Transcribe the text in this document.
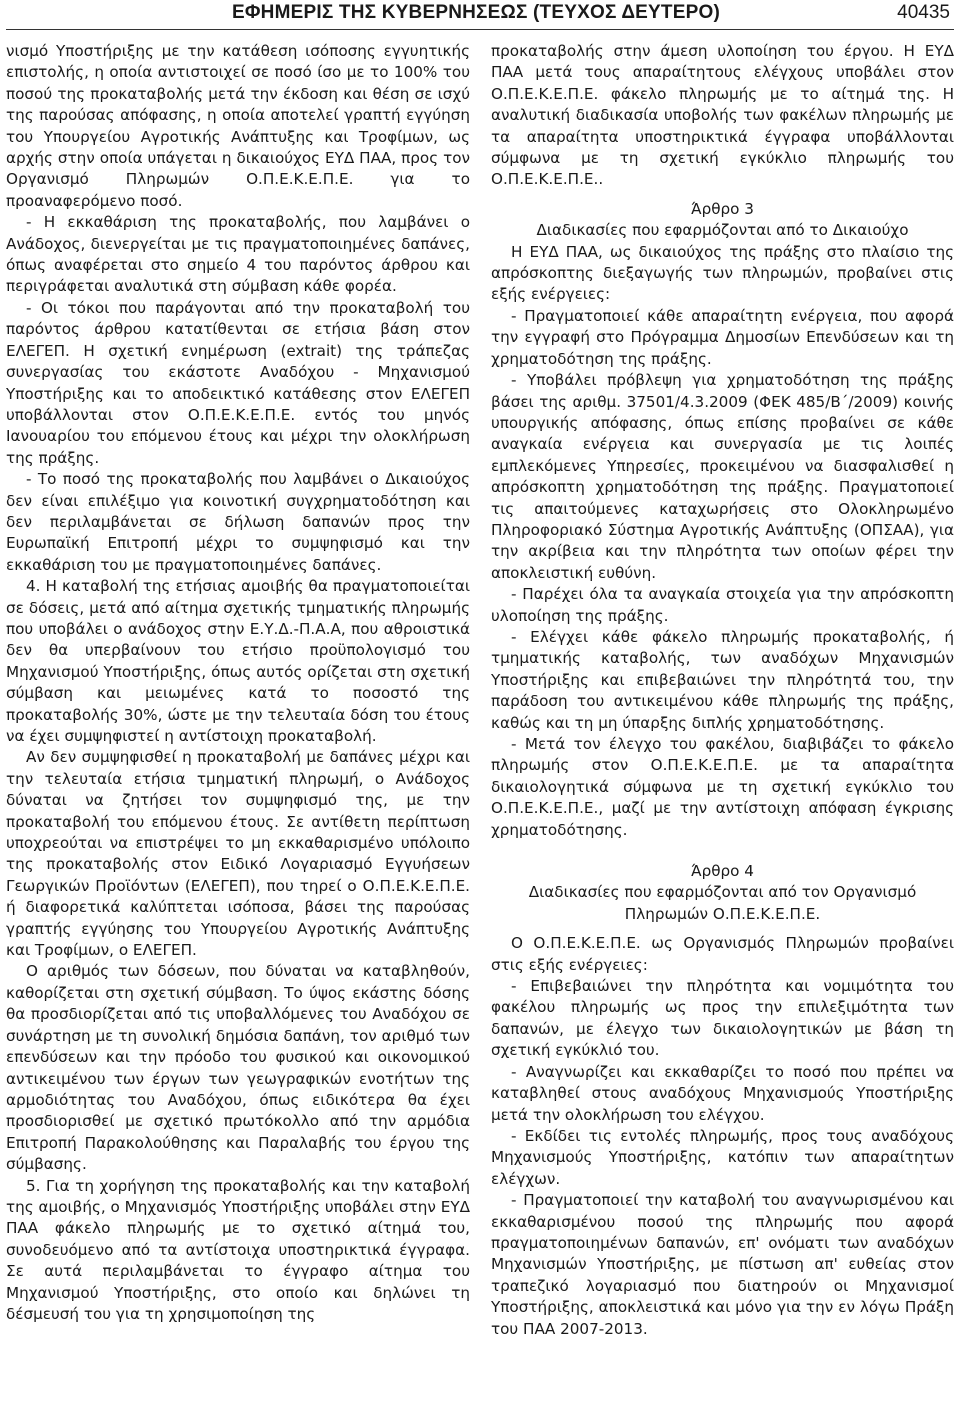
ΕΦΗΜΕΡΙΣ ΤΗΣ ΚΥΒΕΡΝΗΣΕΩΣ (ΤΕΥΧΟΣ ΔΕΥΤΕΡΟ)	40435

νισμό Υποστήριξης με την κατάθεση ισόποσης εγγυητικής επιστολής, η οποία αντιστοιχεί σε ποσό ίσο με το 100% του ποσού της προκαταβολής μετά την έκδοση και θέση σε ισχύ της παρούσας απόφασης, η οποία αποτελεί γραπτή εγγύηση του Υπουργείου Αγροτικής Ανάπτυξης και Τροφίμων, ως αρχής στην οποία υπάγεται η δικαιούχος ΕΥΔ ΠΑΑ, προς τον Οργανισμό Πληρωμών Ο.Π.Ε.Κ.Ε.Π.Ε. για το προαναφερόμενο ποσό.

- Η εκκαθάριση της προκαταβολής, που λαμβάνει ο Ανάδοχος, διενεργείται με τις πραγματοποιημένες δαπάνες, όπως αναφέρεται στο σημείο 4 του παρόντος άρθρου και περιγράφεται αναλυτικά στη σύμβαση κάθε φορέα.

- Οι τόκοι που παράγονται από την προκαταβολή του παρόντος άρθρου κατατίθενται σε ετήσια βάση στον ΕΛΕΓΕΠ. Η σχετική ενημέρωση (extrait) της τράπεζας συνεργασίας του εκάστοτε Αναδόχου - Μηχανισμού Υποστήριξης και το αποδεικτικό κατάθεσης στον ΕΛΕΓΕΠ υποβάλλονται στον Ο.Π.Ε.Κ.Ε.Π.Ε. εντός του μηνός Ιανουαρίου του επόμενου έτους και μέχρι την ολοκλήρωση της πράξης.

- Το ποσό της προκαταβολής που λαμβάνει ο Δικαιούχος δεν είναι επιλέξιμο για κοινοτική συγχρηματοδότηση και δεν περιλαμβάνεται σε δήλωση δαπανών προς την Ευρωπαϊκή Επιτροπή μέχρι το συμψηφισμό και την εκκαθάριση του με πραγματοποιημένες δαπάνες.

4. Η καταβολή της ετήσιας αμοιβής θα πραγματοποιείται σε δόσεις, μετά από αίτημα σχετικής τμηματικής πληρωμής που υποβάλει ο ανάδοχος στην Ε.Υ.Δ.-Π.Α.Α, που αθροιστικά δεν θα υπερβαίνουν του ετήσιο προϋπολογισμό του Μηχανισμού Υποστήριξης, όπως αυτός ορίζεται στη σχετική σύμβαση και μειωμένες κατά το ποσοστό της προκαταβολής 30%, ώστε με την τελευταία δόση του έτους να έχει συμψηφιστεί η αντίστοιχη προκαταβολή.

Αν δεν συμψηφισθεί η προκαταβολή με δαπάνες μέχρι και την τελευταία ετήσια τμηματική πληρωμή, ο Ανάδοχος δύναται να ζητήσει τον συμψηφισμό της, με την προκαταβολή του επόμενου έτους. Σε αντίθετη περίπτωση υποχρεούται να επιστρέψει το μη εκκαθαρισμένο υπόλοιπο της προκαταβολής στον Ειδικό Λογαριασμό Εγγυήσεων Γεωργικών Προϊόντων (ΕΛΕΓΕΠ), που τηρεί ο Ο.Π.Ε.Κ.Ε.Π.Ε. ή διαφορετικά καλύπτεται ισόποσα, βάσει της παρούσας γραπτής εγγύησης του Υπουργείου Αγροτικής Ανάπτυξης και Τροφίμων, ο ΕΛΕΓΕΠ.

Ο αριθμός των δόσεων, που δύναται να καταβληθούν, καθορίζεται στη σχετική σύμβαση. Το ύψος εκάστης δόσης θα προσδιορίζεται από τις υποβαλλόμενες του Αναδόχου σε συνάρτηση με τη συνολική δημόσια δαπάνη, τον αριθμό των επενδύσεων και την πρόοδο του φυσικού και οικονομικού αντικειμένου των έργων των γεωγραφικών ενοτήτων της αρμοδιότητας του Αναδόχου, όπως ειδικότερα θα έχει προσδιορισθεί με σχετικό πρωτόκολλο από την αρμόδια Επιτροπή Παρακολούθησης και Παραλαβής του έργου της σύμβασης.

5. Για τη χορήγηση της προκαταβολής και την καταβολή της αμοιβής, ο Μηχανισμός Υποστήριξης υποβάλει στην ΕΥΔ ΠΑΑ φάκελο πληρωμής με το σχετικό αίτημά του, συνοδευόμενο από τα αντίστοιχα υποστηρικτικά έγγραφα. Σε αυτά περιλαμβάνεται το έγγραφο αίτημα του Μηχανισμού Υποστήριξης, στο οποίο και δηλώνει τη δέσμευσή του για τη χρησιμοποίηση της

προκαταβολής στην άμεση υλοποίηση του έργου. Η ΕΥΔ ΠΑΑ μετά τους απαραίτητους ελέγχους υποβάλει στον Ο.Π.Ε.Κ.Ε.Π.Ε. φάκελο πληρωμής με το αίτημά της. Η αναλυτική διαδικασία υποβολής των φακέλων πληρωμής με τα απαραίτητα υποστηρικτικά έγγραφα υποβάλλονται σύμφωνα με τη σχετική εγκύκλιο πληρωμής του Ο.Π.Ε.Κ.Ε.Π.Ε..

Άρθρο 3
Διαδικασίες που εφαρμόζονται από το Δικαιούχο

Η ΕΥΔ ΠΑΑ, ως δικαιούχος της πράξης στο πλαίσιο της απρόσκοπτης διεξαγωγής των πληρωμών, προβαίνει στις εξής ενέργειες:

- Πραγματοποιεί κάθε απαραίτητη ενέργεια, που αφορά την εγγραφή στο Πρόγραμμα Δημοσίων Επενδύσεων και τη χρηματοδότηση της πράξης.

- Υποβάλει πρόβλεψη για χρηματοδότηση της πράξης βάσει της αριθμ. 37501/4.3.2009 (ΦΕΚ 485/Β΄/2009) κοινής υπουργικής απόφασης, όπως επίσης προβαίνει σε κάθε αναγκαία ενέργεια και συνεργασία με τις λοιπές εμπλεκόμενες Υπηρεσίες, προκειμένου να διασφαλισθεί η απρόσκοπτη χρηματοδότηση της πράξης. Πραγματοποιεί τις απαιτούμενες καταχωρήσεις στο Ολοκληρωμένο Πληροφοριακό Σύστημα Αγροτικής Ανάπτυξης (ΟΠΣΑΑ), για την ακρίβεια και την πληρότητα των οποίων φέρει την αποκλειστική ευθύνη.

- Παρέχει όλα τα αναγκαία στοιχεία για την απρόσκοπτη υλοποίηση της πράξης.

- Ελέγχει κάθε φάκελο πληρωμής προκαταβολής, ή τμηματικής καταβολής, των αναδόχων Μηχανισμών Υποστήριξης και επιβεβαιώνει την πληρότητά του, την παράδοση του αντικειμένου κάθε πληρωμής της πράξης, καθώς και τη μη ύπαρξης διπλής χρηματοδότησης.

- Μετά τον έλεγχο του φακέλου, διαβιβάζει το φάκελο πληρωμής στον Ο.Π.Ε.Κ.Ε.Π.Ε. με τα απαραίτητα δικαιολογητικά σύμφωνα με τη σχετική εγκύκλιο του Ο.Π.Ε.Κ.Ε.Π.Ε., μαζί με την αντίστοιχη απόφαση έγκρισης χρηματοδότησης.

Άρθρο 4
Διαδικασίες που εφαρμόζονται από τον Οργανισμό Πληρωμών Ο.Π.Ε.Κ.Ε.Π.Ε.

Ο Ο.Π.Ε.Κ.Ε.Π.Ε. ως Οργανισμός Πληρωμών προβαίνει στις εξής ενέργειες:

- Επιβεβαιώνει την πληρότητα και νομιμότητα του φακέλου πληρωμής ως προς την επιλεξιμότητα των δαπανών, με έλεγχο των δικαιολογητικών με βάση τη σχετική εγκύκλιό του.

- Αναγνωρίζει και εκκαθαρίζει το ποσό που πρέπει να καταβληθεί στους αναδόχους Μηχανισμούς Υποστήριξης μετά την ολοκλήρωση του ελέγχου.

- Εκδίδει τις εντολές πληρωμής, προς τους αναδόχους Μηχανισμούς Υποστήριξης, κατόπιν των απαραίτητων ελέγχων.

- Πραγματοποιεί την καταβολή του αναγνωρισμένου και εκκαθαρισμένου ποσού της πληρωμής που αφορά πραγματοποιημένων δαπανών, επ' ονόματι των αναδόχων Μηχανισμών Υποστήριξης, με πίστωση απ' ευθείας στον τραπεζικό λογαριασμό που διατηρούν οι Μηχανισμοί Υποστήριξης, αποκλειστικά και μόνο για την εν λόγω Πράξη του ΠΑΑ 2007-2013.
